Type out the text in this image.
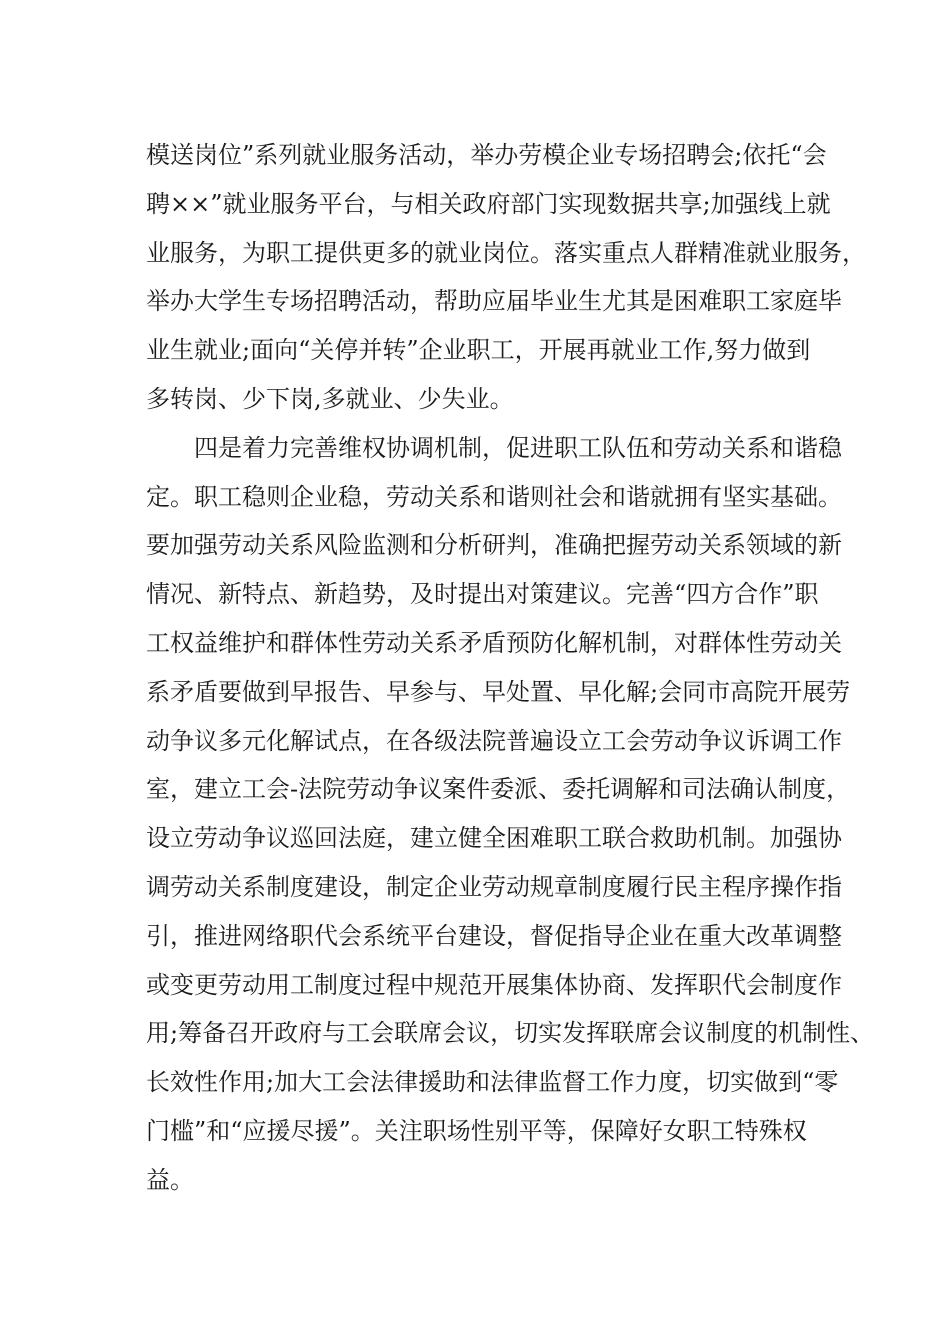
模送岗位”系列就业服务活动，举办劳模企业专场招聘会;依托“会

聘××”就业服务平台，与相关政府部门实现数据共享;加强线上就

业服务，为职工提供更多的就业岗位。落实重点人群精准就业服务，

举办大学生专场招聘活动，帮助应届毕业生尤其是困难职工家庭毕

业生就业;面向“关停并转”企业职工，开展再就业工作,努力做到

多转岗、少下岗,多就业、少失业。

　　四是着力完善维权协调机制，促进职工队伍和劳动关系和谐稳

定。职工稳则企业稳，劳动关系和谐则社会和谐就拥有坚实基础。

要加强劳动关系风险监测和分析研判，准确把握劳动关系领域的新

情况、新特点、新趋势，及时提出对策建议。完善“四方合作”职

工权益维护和群体性劳动关系矛盾预防化解机制，对群体性劳动关

系矛盾要做到早报告、早参与、早处置、早化解;会同市高院开展劳

动争议多元化解试点，在各级法院普遍设立工会劳动争议诉调工作

室，建立工会-法院劳动争议案件委派、委托调解和司法确认制度，

设立劳动争议巡回法庭，建立健全困难职工联合救助机制。加强协

调劳动关系制度建设，制定企业劳动规章制度履行民主程序操作指

引，推进网络职代会系统平台建设，督促指导企业在重大改革调整

或变更劳动用工制度过程中规范开展集体协商、发挥职代会制度作

用;筹备召开政府与工会联席会议，切实发挥联席会议制度的机制性、

长效性作用;加大工会法律援助和法律监督工作力度，切实做到“零

门槛”和“应援尽援”。关注职场性别平等，保障好女职工特殊权

益。
